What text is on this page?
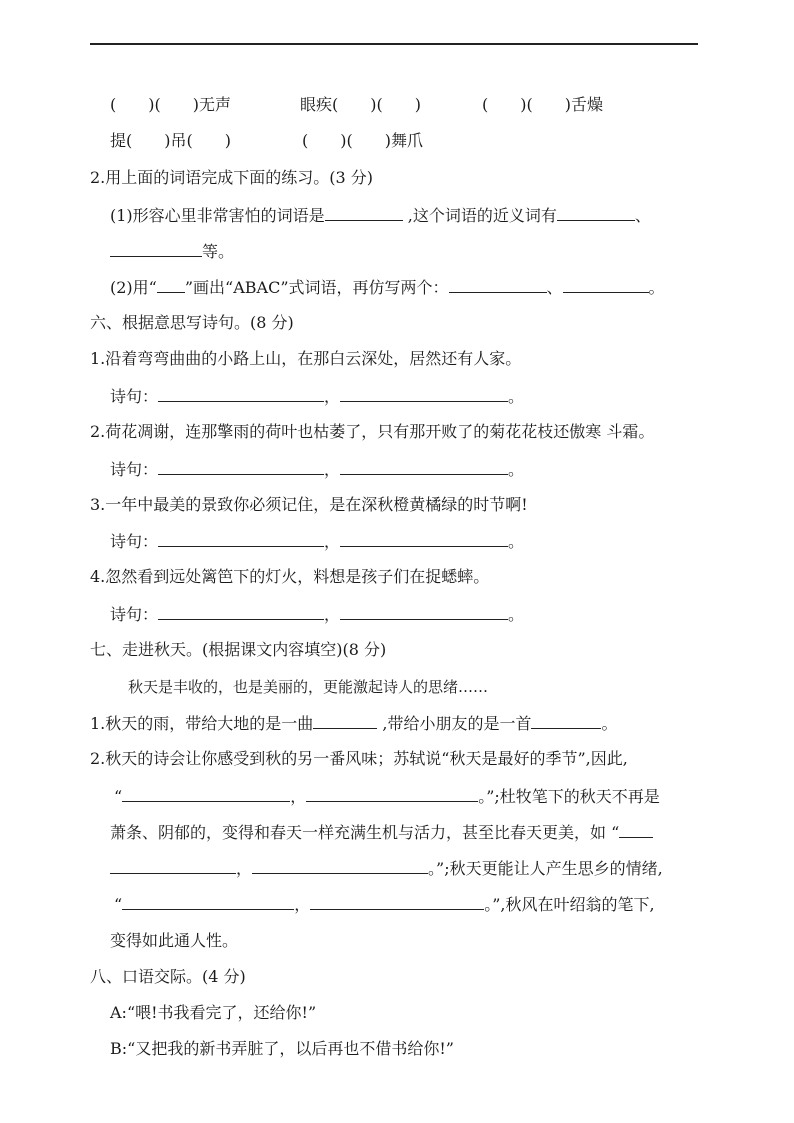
(　　)(　　)无声	眼疾(　　)(　　)	(　　)(　　)舌燥
提(　　)吊(　　)	(　　)(　　)舞爪
2.用上面的词语完成下面的练习。(3 分)
(1)形容心里非常害怕的词语是	,这个词语的近义词有	、
等。
(2)用“ ”画出“ABAC”式词语，再仿写两个：	、	。
六、根据意思写诗句。(8 分)
1.沿着弯弯曲曲的小路上山，在那白云深处，居然还有人家。
诗句：	，	。
2.荷花凋谢，连那擎雨的荷叶也枯萎了，只有那开败了的菊花花枝还傲寒 斗霜。
诗句：	，	。
3.一年中最美的景致你必须记住，是在深秋橙黄橘绿的时节啊!
诗句：	，	。
4.忽然看到远处篱笆下的灯火，料想是孩子们在捉蟋蟀。
诗句：	，	。
七、走进秋天。(根据课文内容填空)(8 分)
秋天是丰收的，也是美丽的，更能激起诗人的思绪……
1.秋天的雨，带给大地的是一曲	,带给小朋友的是一首	。
2.秋天的诗会让你感受到秋的另一番风味；苏轼说“秋天是最好的季节”,因此,
“	，	。”;杜牧笔下的秋天不再是
萧条、阴郁的，变得和春天一样充满生机与活力，甚至比春天更美，如 “
，	。”;秋天更能让人产生思乡的情绪,
“	，	。”,秋风在叶绍翁的笔下,
变得如此通人性。
八、口语交际。(4 分)
A:“喂!书我看完了，还给你!”
B:“又把我的新书弄脏了，以后再也不借书给你!”
